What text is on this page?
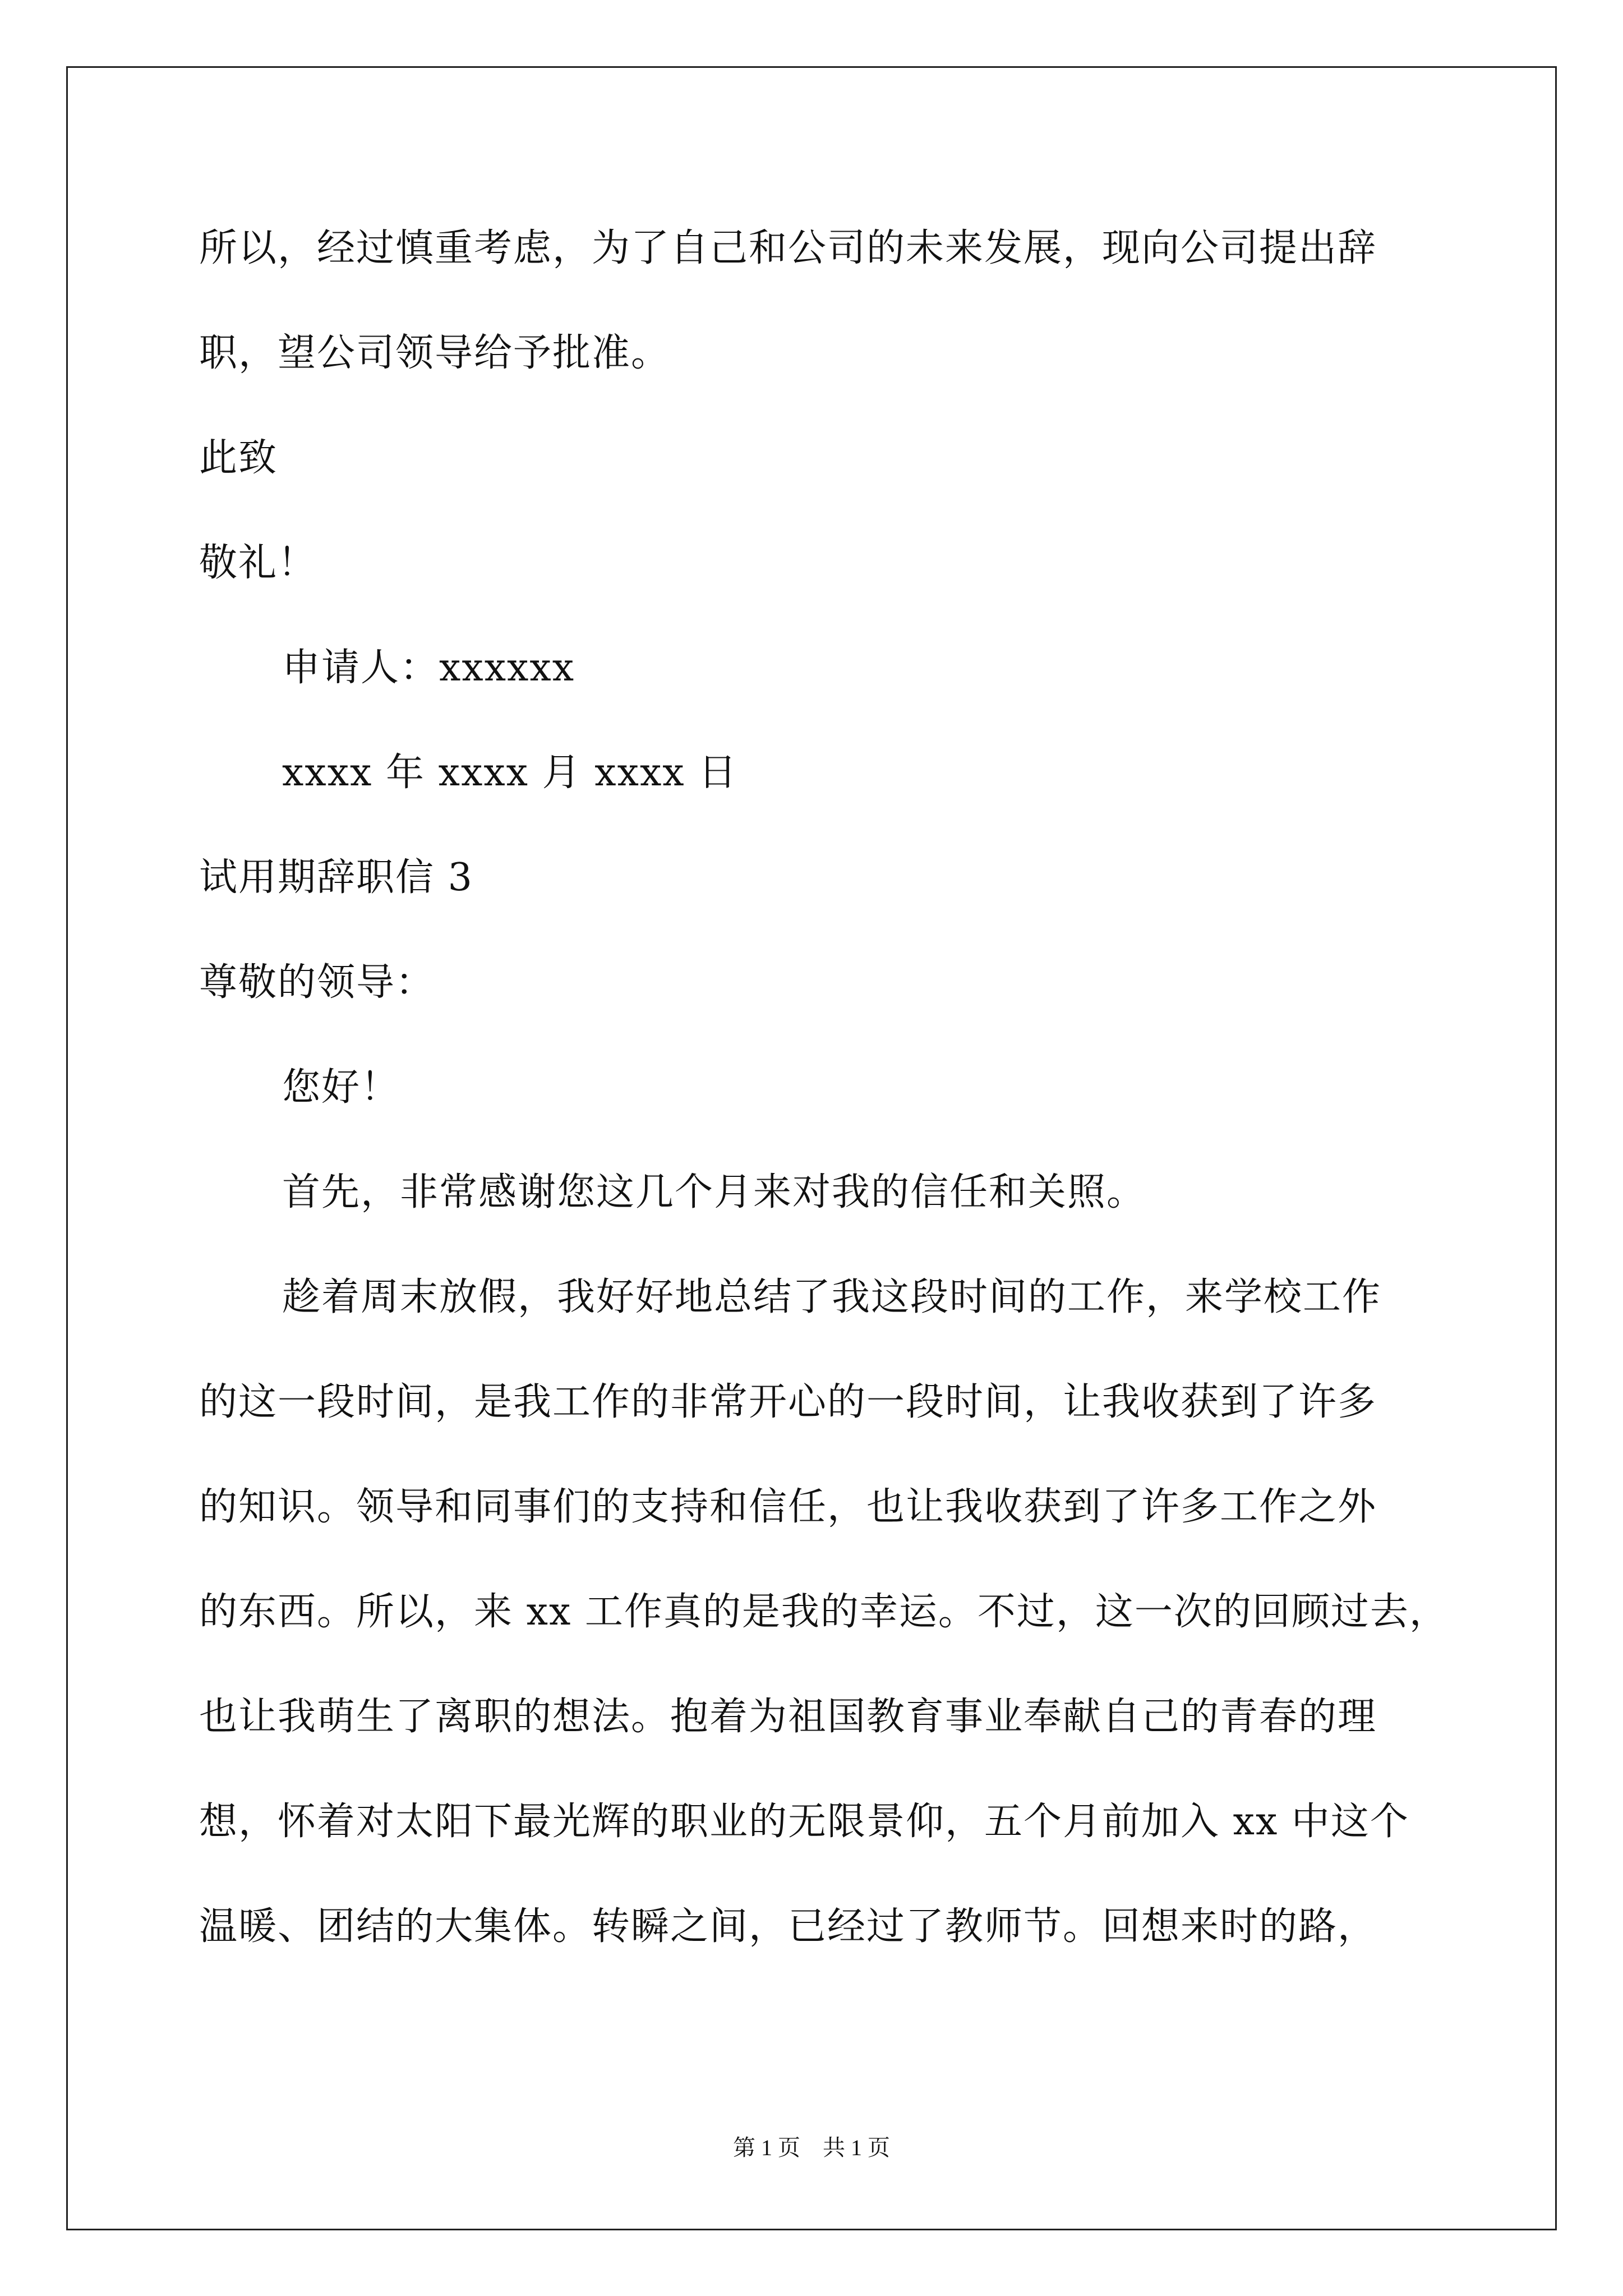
所以，经过慎重考虑，为了自己和公司的未来发展，现向公司提出辞
职，望公司领导给予批准。
此致
敬礼！
申请人：xxxxxx
xxxx 年 xxxx 月 xxxx 日
试用期辞职信 3
尊敬的领导：
您好！
首先，非常感谢您这几个月来对我的信任和关照。
趁着周末放假，我好好地总结了我这段时间的工作，来学校工作
的这一段时间，是我工作的非常开心的一段时间，让我收获到了许多
的知识。领导和同事们的支持和信任，也让我收获到了许多工作之外
的东西。所以，来 xx 工作真的是我的幸运。不过，这一次的回顾过去，
也让我萌生了离职的想法。抱着为祖国教育事业奉献自己的青春的理
想，怀着对太阳下最光辉的职业的无限景仰，五个月前加入 xx 中这个
温暖、团结的大集体。转瞬之间，已经过了教师节。回想来时的路，
第 1 页 共 1 页
